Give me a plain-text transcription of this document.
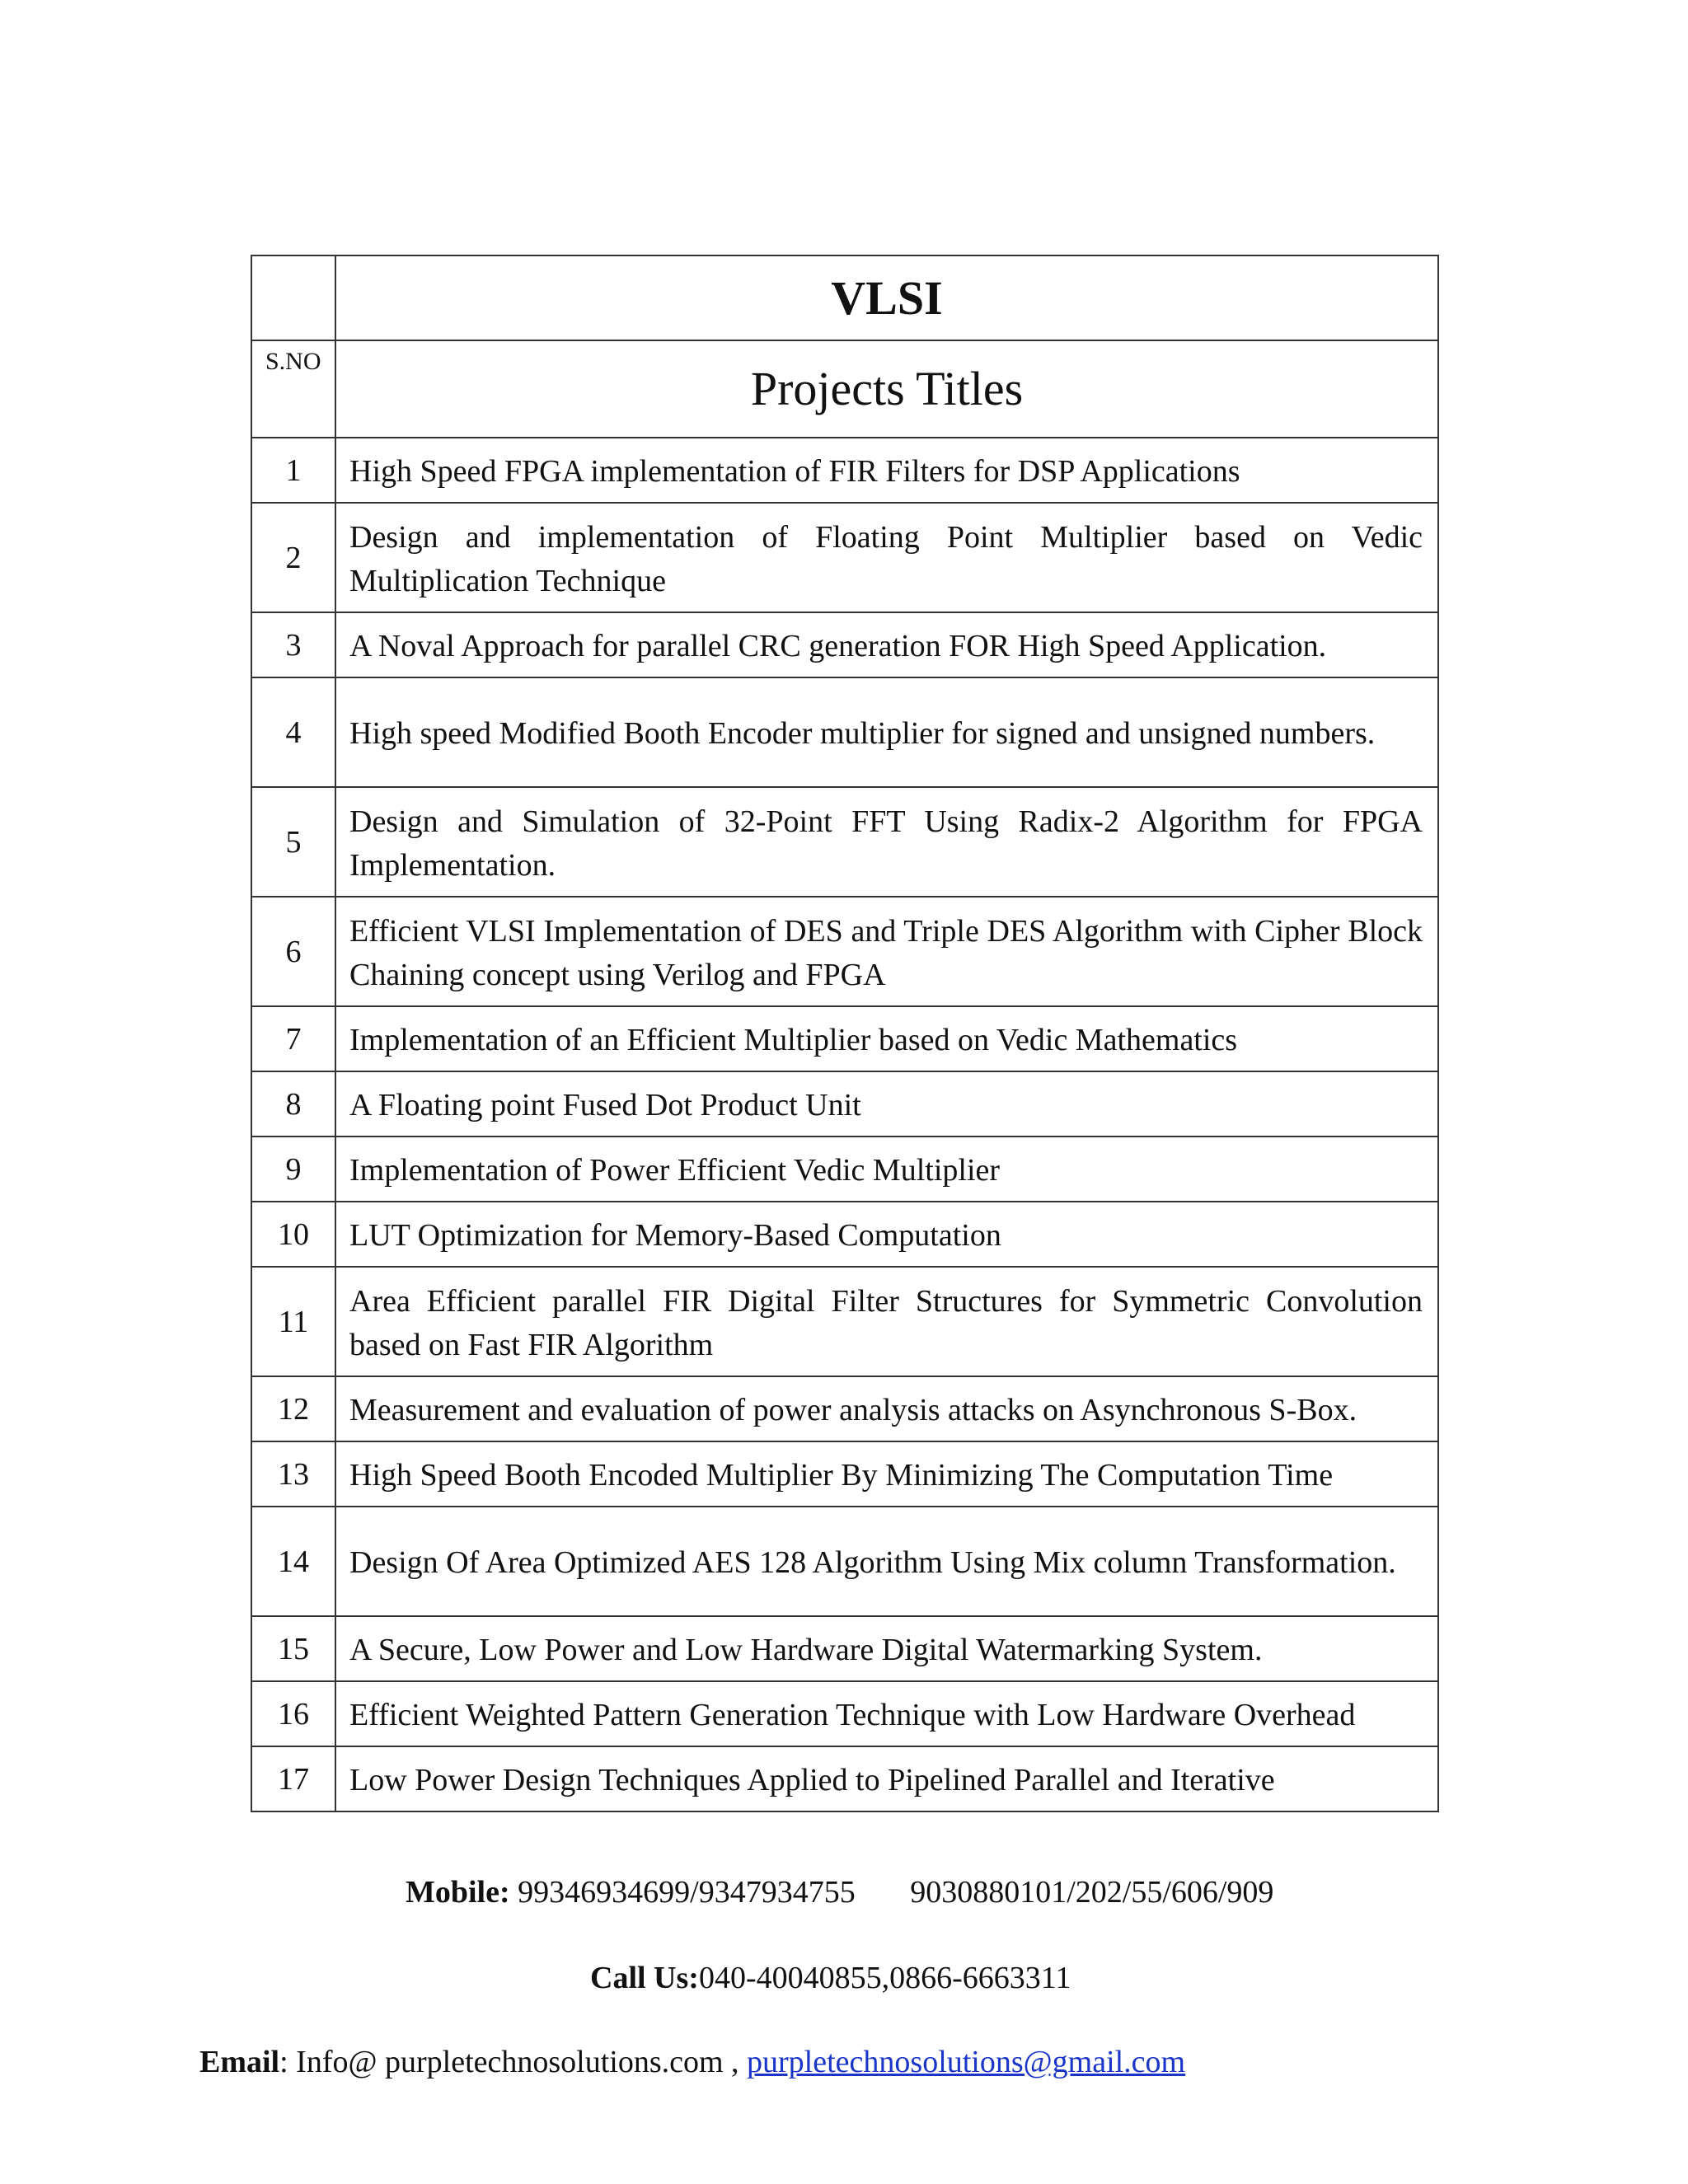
	VLSI
S.NO	Projects Titles
1	High Speed FPGA implementation of FIR Filters for DSP Applications
2	Design and implementation of Floating Point Multiplier based on Vedic Multiplication Technique
3	A Noval Approach for parallel CRC generation FOR High Speed Application.
4	High speed Modified Booth Encoder multiplier for signed and unsigned numbers.
5	Design and Simulation of 32-Point FFT Using Radix-2 Algorithm for FPGA Implementation.
6	Efficient VLSI Implementation of DES and Triple DES Algorithm with Cipher Block Chaining concept using Verilog and FPGA
7	Implementation of an Efficient Multiplier based on Vedic Mathematics
8	A Floating point Fused Dot Product Unit
9	Implementation of Power Efficient Vedic Multiplier
10	LUT Optimization for Memory-Based Computation
11	Area Efficient parallel FIR Digital Filter Structures for Symmetric Convolution based on Fast FIR Algorithm
12	Measurement and evaluation of power analysis attacks on Asynchronous S-Box.
13	High Speed Booth Encoded Multiplier By Minimizing The Computation Time
14	Design Of Area Optimized AES 128 Algorithm Using Mix column Transformation.
15	A Secure, Low Power and Low Hardware Digital Watermarking System.
16	Efficient Weighted Pattern Generation Technique with Low Hardware Overhead
17	Low Power Design Techniques Applied to Pipelined Parallel and Iterative
Mobile: 99346934699/9347934755       9030880101/202/55/606/909
Call Us:040-40040855,0866-6663311
Email: Info@ purpletechnosolutions.com , purpletechnosolutions@gmail.com
